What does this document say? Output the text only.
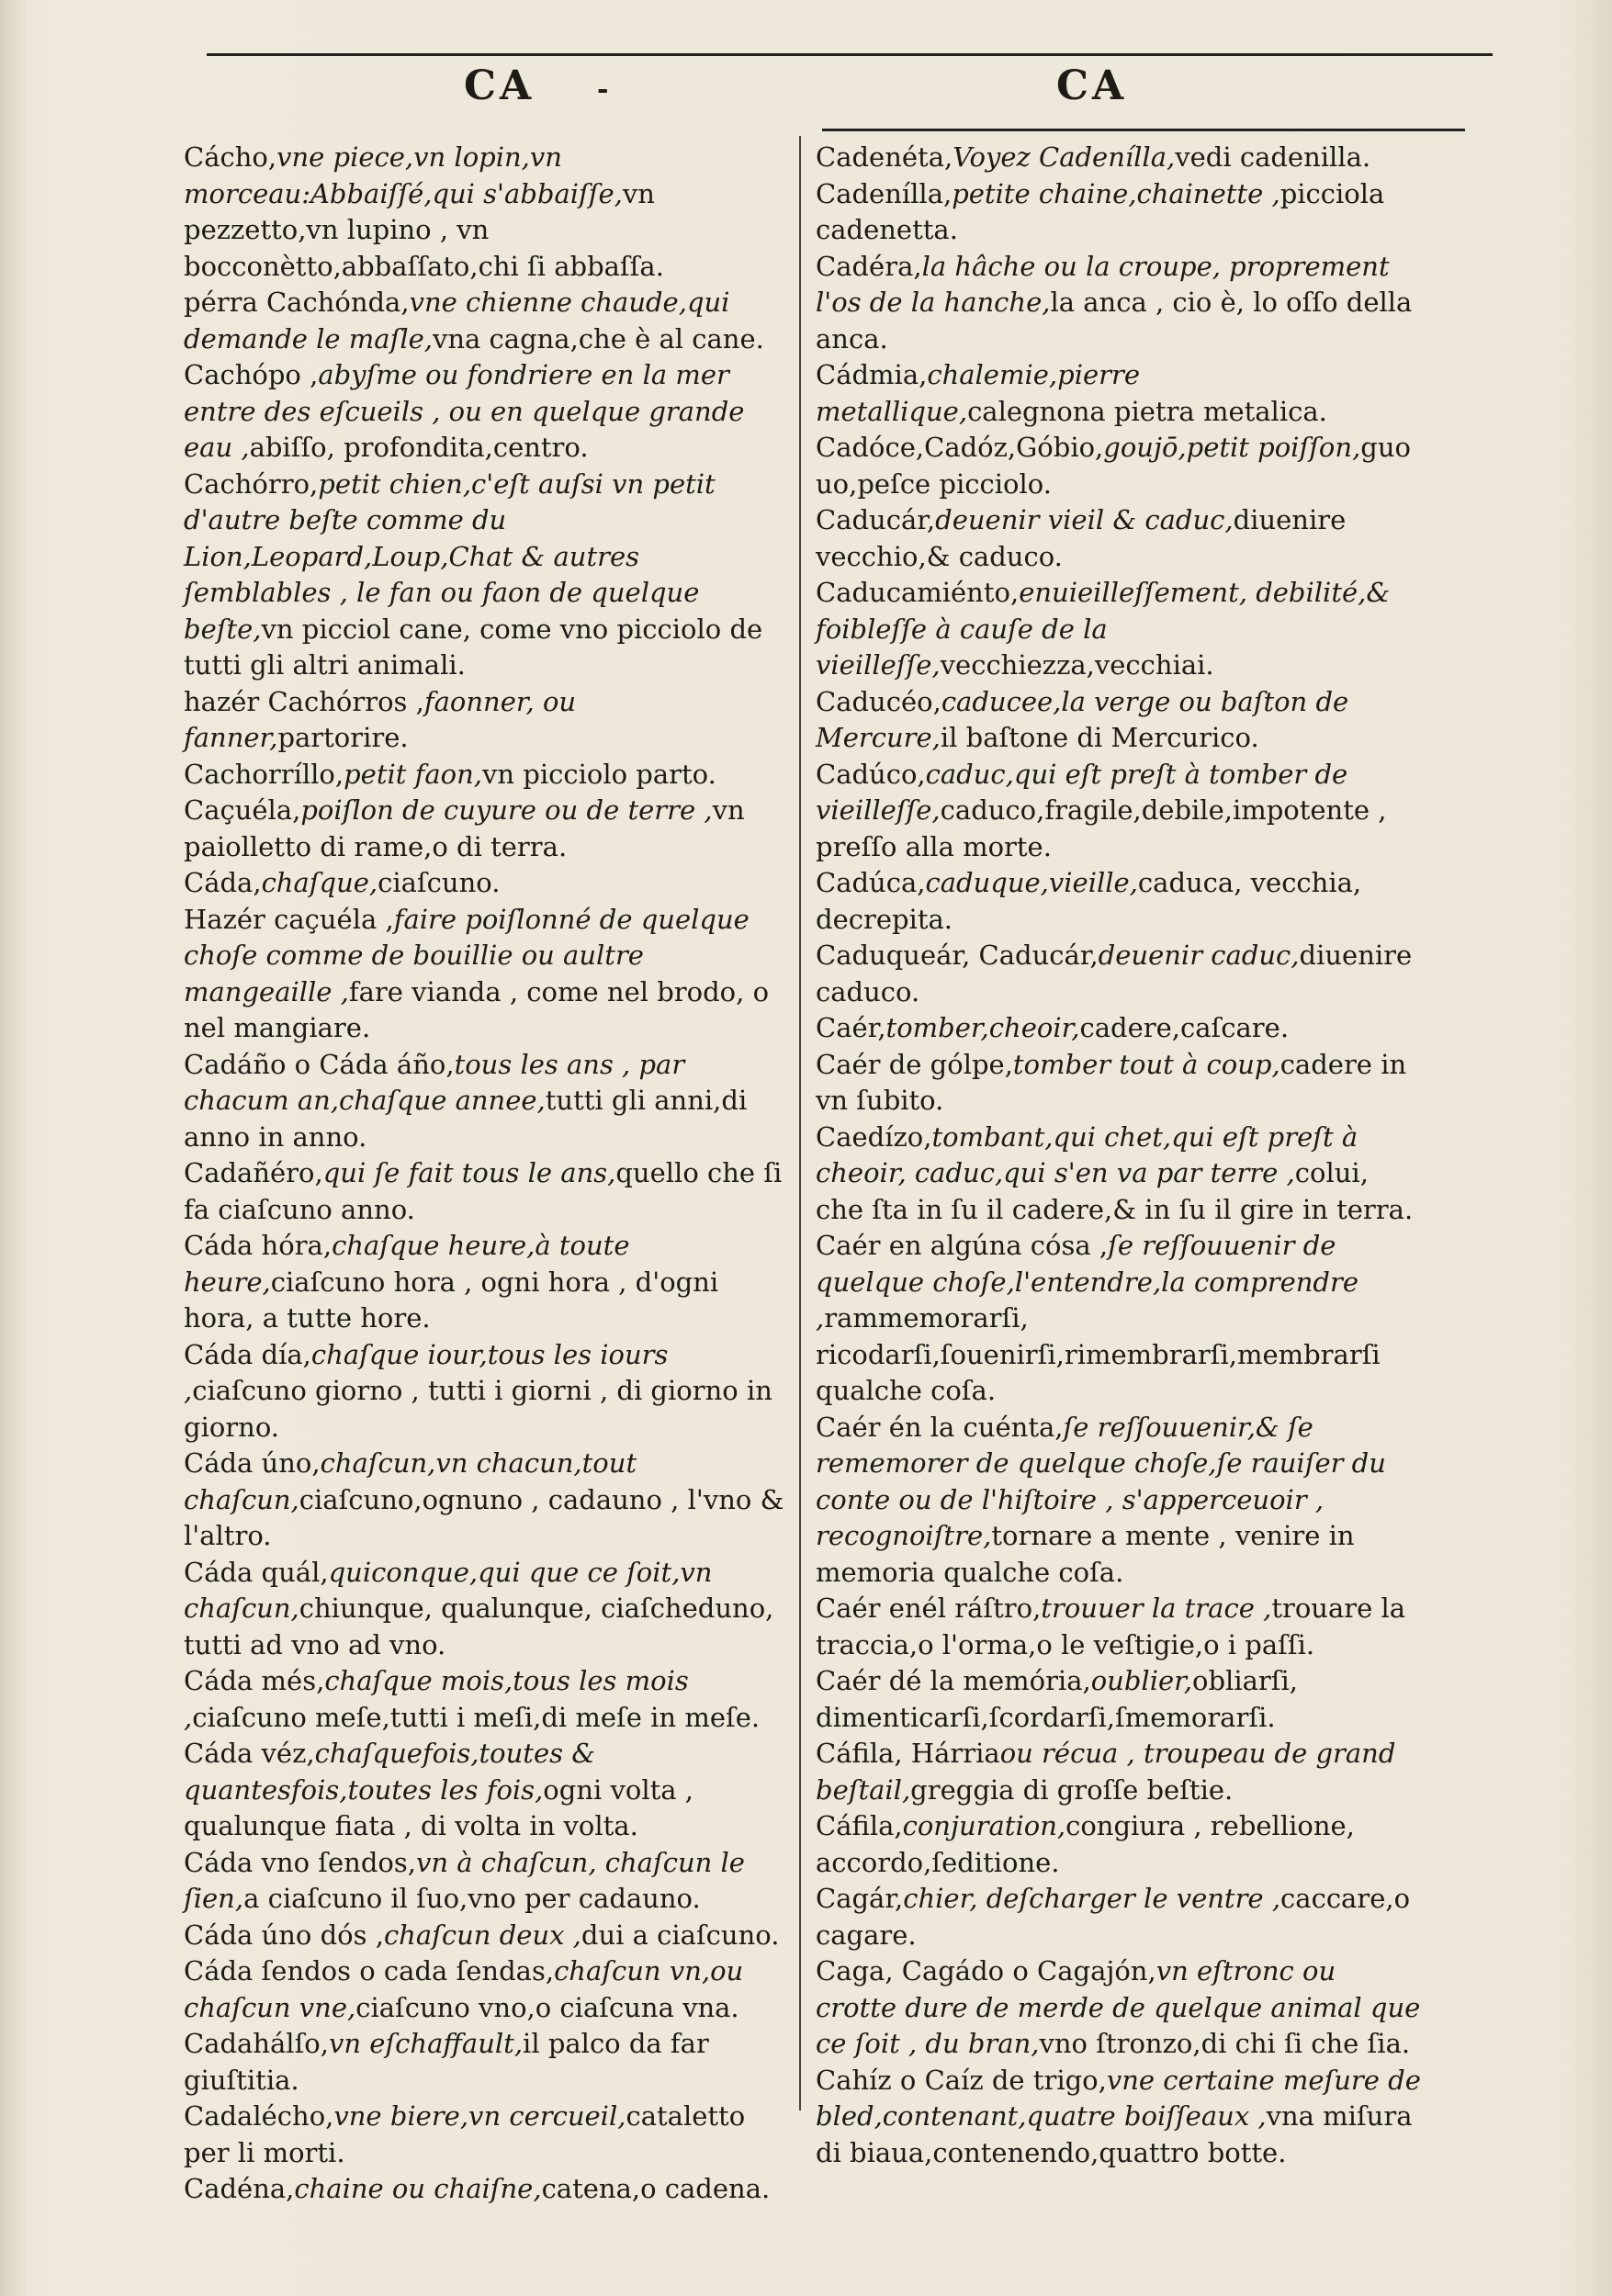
CA -	CA

Cácho,vne piece,vn lopin,vn morceau:Abbaiſſé,qui s'abbaiſſe,vn pezzetto,vn lupino , vn bocconètto,abbaſſato,chi ſi abbaſſa.

pérra Cachónda,vne chienne chaude,qui demande le maſle,vna cagna,che è al cane.

Cachópo ,abyſme ou fondriere en la mer entre des eſcueils , ou en quelque grande eau ,abiſſo, profondita,centro.

Cachórro,petit chien,c'eſt auſsi vn petit d'autre beſte comme du Lion,Leopard,Loup,Chat & autres ſemblables , le fan ou faon de quelque beſte,vn picciol cane, come vno picciolo de tutti gli altri animali.

hazér Cachórros ,faonner, ou fanner,partorire.

Cachorríllo,petit faon,vn picciolo parto.

Caçuéla,poiſlon de cuyure ou de terre ,vn paiolletto di rame,o di terra.

Cáda,chaſque,ciaſcuno.

Hazér caçuéla ,faire poiſlonné de quelque choſe comme de bouillie ou aultre mangeaille ,fare vianda , come nel brodo, o nel mangiare.

Cadáño o Cáda áño,tous les ans , par chacum an,chaſque annee,tutti gli anni,di anno in anno.

Cadañéro,qui ſe fait tous le ans,quello che ſi fa ciaſcuno anno.

Cáda hóra,chaſque heure,à toute heure,ciaſcuno hora , ogni hora , d'ogni hora, a tutte hore.

Cáda día,chaſque iour,tous les iours ,ciaſcuno giorno , tutti i giorni , di giorno in giorno.

Cáda úno,chaſcun,vn chacun,tout chaſcun,ciaſcuno,ognuno , cadauno , l'vno & l'altro.

Cáda quál,quiconque,qui que ce ſoit,vn chaſcun,chiunque, qualunque, ciaſcheduno, tutti ad vno ad vno.

Cáda més,chaſque mois,tous les mois ,ciaſcuno meſe,tutti i meſi,di meſe in meſe.

Cáda véz,chaſquefois,toutes & quantesfois,toutes les fois,ogni volta , qualunque fiata , di volta in volta.

Cáda vno ſendos,vn à chaſcun, chaſcun le ſien,a ciaſcuno il ſuo,vno per cadauno.

Cáda úno dós ,chaſcun deux ,dui a ciaſcuno.

Cáda ſendos o cada ſendas,chaſcun vn,ou chaſcun vne,ciaſcuno vno,o ciaſcuna vna.

Cadahálſo,vn eſchaffault,il palco da far giuſtitia.

Cadalécho,vne biere,vn cercueil,cataletto per li morti.

Cadéna,chaine ou chaiſne,catena,o cadena.

Cadenéta,Voyez Cadenílla,vedi cadenilla.

Cadenílla,petite chaine,chainette ,picciola cadenetta.

Cadéra,la hâche ou la croupe, proprement l'os de la hanche,la anca , cio è, lo oſſo della anca.

Cádmia,chalemie,pierre metallique,calegnona pietra metalica.

Cadóce,Cadóz,Góbio,goujō,petit poiſſon,guo uo,peſce picciolo.

Caducár,deuenir vieil & caduc,diuenire vecchio,& caduco.

Caducamiénto,enuieilleſſement, debilité,& foibleſſe à cauſe de la vieilleſſe,vecchiezza,vecchiai.

Caducéo,caducee,la verge ou baſton de Mercure,il baſtone di Mercurico.

Cadúco,caduc,qui eſt preſt à tomber de vieilleſſe,caduco,fragile,debile,impotente , preſſo alla morte.

Cadúca,caduque,vieille,caduca, vecchia, decrepita.

Caduqueár, Caducár,deuenir caduc,diuenire caduco.

Caér,tomber,cheoir,cadere,caſcare.

Caér de gólpe,tomber tout à coup,cadere in vn ſubito.

Caedízo,tombant,qui chet,qui eſt preſt à cheoir, caduc,qui s'en va par terre ,colui, che ſta in ſu il cadere,& in ſu il gire in terra.

Caér en algúna cósa ,ſe reſſouuenir de quelque choſe,l'entendre,la comprendre ,rammemorarſi, ricodarſi,ſouenirſi,rimembrarſi,membrarſi qualche coſa.

Caér én la cuénta,ſe reſſouuenir,& ſe rememorer de quelque choſe,ſe rauiſer du conte ou de l'hiſtoire , s'apperceuoir , recognoiſtre,tornare a mente , venire in memoria qualche coſa.

Caér enél ráſtro,trouuer la trace ,trouare la traccia,o l'orma,o le veſtigie,o i paſſi.

Caér dé la memória,oublier,obliarſi, dimenticarſi,ſcordarſi,ſmemorarſi.

Cáfila, Hárriaou récua , troupeau de grand beſtail,greggia di groſſe beſtie.

Cáfila,conjuration,congiura , rebellione, accordo,ſeditione.

Cagár,chier, deſcharger le ventre ,caccare,o cagare.

Caga, Cagádo o Cagajón,vn eſtronc ou crotte dure de merde de quelque animal que ce ſoit , du bran,vno ſtronzo,di chi ſi che ſia.

Cahíz o Caíz de trigo,vne certaine meſure de bled,contenant,quatre boiſſeaux ,vna miſura di biaua,contenendo,quattro botte.
